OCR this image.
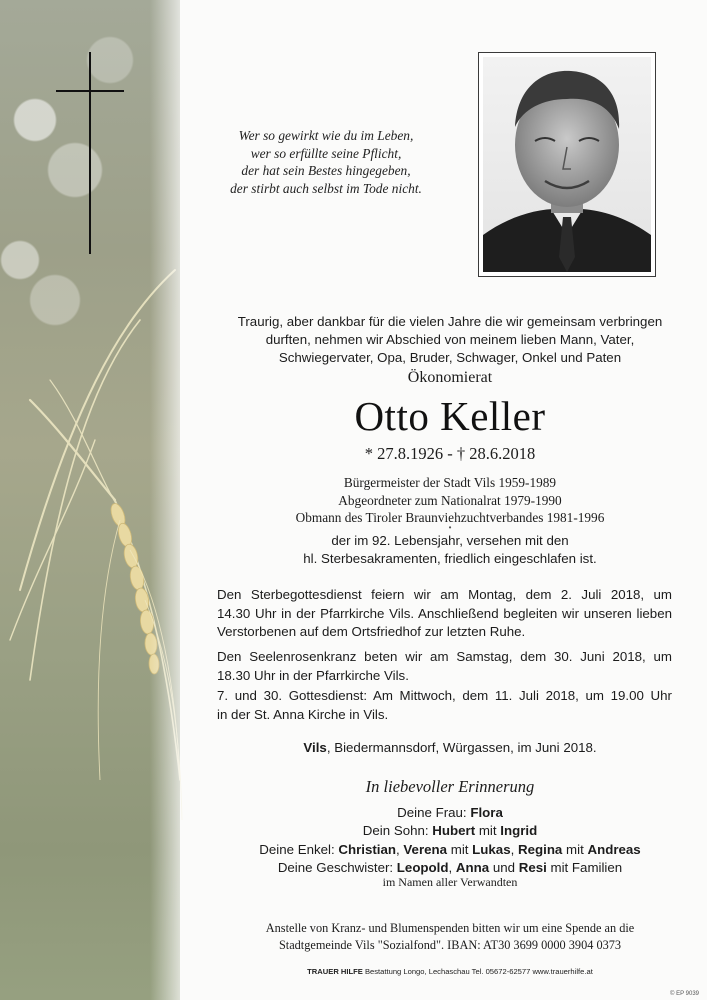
Wer so gewirkt wie du im Leben,
wer so erfüllte seine Pflicht,
der hat sein Bestes hingegeben,
der stirbt auch selbst im Tode nicht.
Traurig, aber dankbar für die vielen Jahre die wir gemeinsam verbringen
durften, nehmen wir Abschied von meinem lieben Mann, Vater,
Schwiegervater, Opa, Bruder, Schwager, Onkel und Paten
Ökonomierat
Otto Keller
* 27.8.1926 - † 28.6.2018
Bürgermeister der Stadt Vils 1959-1989
Abgeordneter zum Nationalrat 1979-1990
Obmann des Tiroler Braunviehzuchtverbandes 1981-1996
•
der im 92. Lebensjahr, versehen mit den
hl. Sterbesakramenten, friedlich eingeschlafen ist.
Den Sterbegottesdienst feiern wir am Montag, dem 2. Juli 2018, um
14.30 Uhr in der Pfarrkirche Vils. Anschließend begleiten wir unseren lieben
Verstorbenen auf dem Ortsfriedhof zur letzten Ruhe.
Den Seelenrosenkranz beten wir am Samstag, dem 30. Juni 2018, um
18.30 Uhr in der Pfarrkirche Vils.
7. und 30. Gottesdienst: Am Mittwoch, dem 11. Juli 2018, um 19.00 Uhr
in der St. Anna Kirche in Vils.
Vils, Biedermannsdorf, Würgassen, im Juni 2018.
In liebevoller Erinnerung
Deine Frau: Flora
Dein Sohn: Hubert mit Ingrid
Deine Enkel: Christian, Verena mit Lukas, Regina mit Andreas
Deine Geschwister: Leopold, Anna und Resi mit Familien
im Namen aller Verwandten
Anstelle von Kranz- und Blumenspenden bitten wir um eine Spende an die
Stadtgemeinde Vils "Sozialfond". IBAN: AT30 3699 0000 3904 0373
TRAUER HILFE Bestattung Longo, Lechaschau Tel. 05672-62577 www.trauerhilfe.at
© EP 9039
